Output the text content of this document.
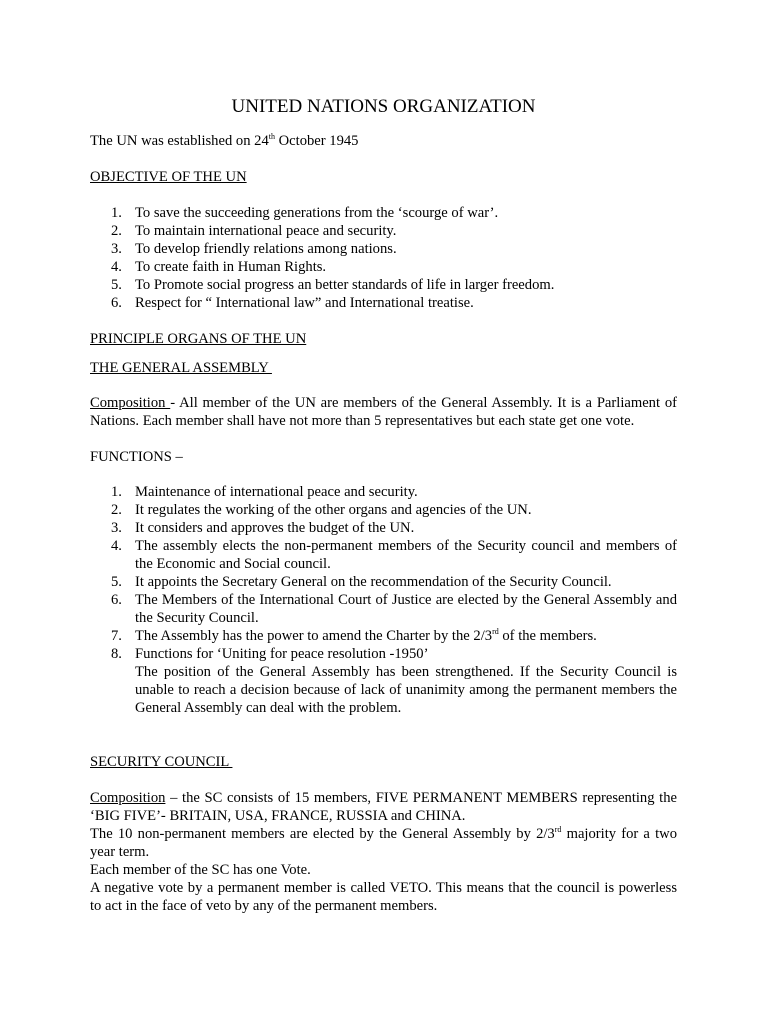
UNITED NATIONS ORGANIZATION

The UN was established on 24th October 1945

OBJECTIVE OF THE UN

1. To save the succeeding generations from the ‘scourge of war’.
2. To maintain international peace and security.
3. To develop friendly relations among nations.
4. To create faith in Human Rights.
5. To Promote social progress an better standards of life in larger freedom.
6. Respect for “ International law” and International treatise.

PRINCIPLE ORGANS OF THE UN

THE GENERAL ASSEMBLY

Composition - All member of the UN are members of the General Assembly. It is a Parliament of Nations. Each member shall have not more than 5 representatives but each state get one vote.

FUNCTIONS –

1. Maintenance of international peace and security.
2. It regulates the working of the other organs and agencies of the UN.
3. It considers and approves the budget of the UN.
4. The assembly elects the non-permanent members of the Security council and members of the Economic and Social council.
5. It appoints the Secretary General on the recommendation of the Security Council.
6. The Members of the International Court of Justice are elected by the General Assembly and the Security Council.
7. The Assembly has the power to amend the Charter by the 2/3rd of the members.
8. Functions for ‘Uniting for peace resolution -1950’
The position of the General Assembly has been strengthened. If the Security Council is unable to reach a decision because of lack of unanimity among the permanent members the General Assembly can deal with the problem.

SECURITY COUNCIL

Composition – the SC consists of 15 members, FIVE PERMANENT MEMBERS representing the ‘BIG FIVE’- BRITAIN, USA, FRANCE, RUSSIA and CHINA.

The 10 non-permanent members are elected by the General Assembly by 2/3rd majority for a two year term.

Each member of the SC has one Vote.

A negative vote by a permanent member is called VETO. This means that the council is powerless to act in the face of veto by any of the permanent members.
